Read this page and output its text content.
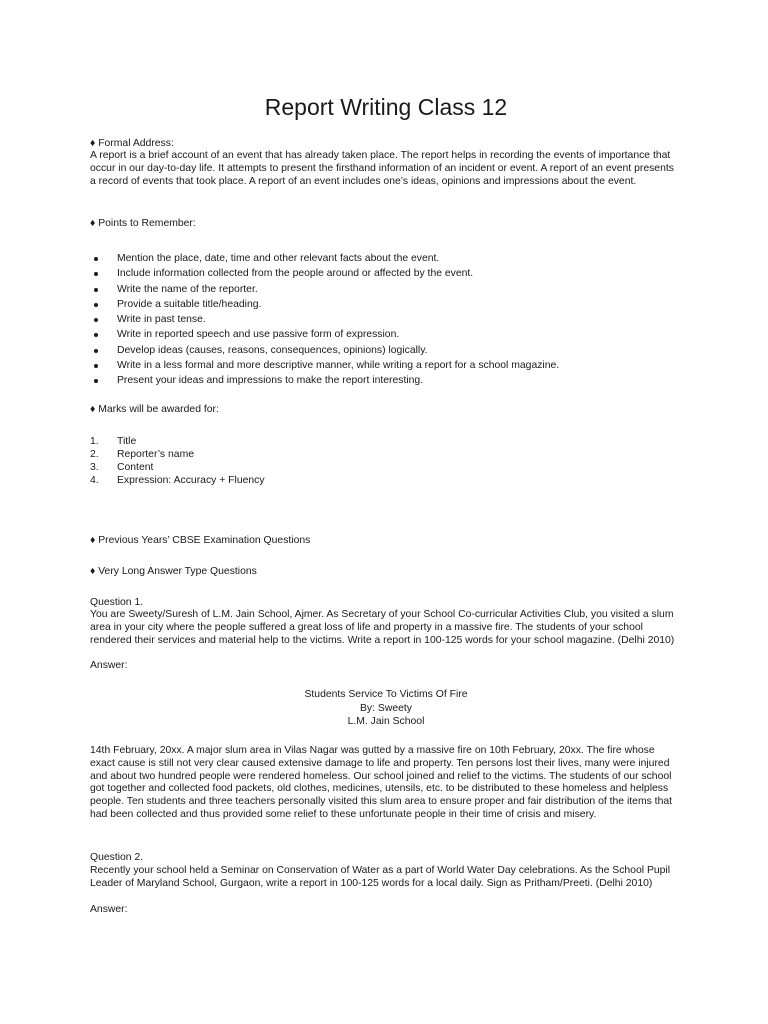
Report Writing Class 12
♦ Formal Address:

A report is a brief account of an event that has already taken place. The report helps in recording the events of importance that occur in our day-to-day life. It attempts to present the firsthand information of an incident or event. A report of an event presents a record of events that took place. A report of an event includes one’s ideas, opinions and impressions about the event.

♦ Points to Remember:
Mention the place, date, time and other relevant facts about the event.
Include information collected from the people around or affected by the event.
Write the name of the reporter.
Provide a suitable title/heading.
Write in past tense.
Write in reported speech and use passive form of expression.
Develop ideas (causes, reasons, consequences, opinions) logically.
Write in a less formal and more descriptive manner, while writing a report for a school magazine.
Present your ideas and impressions to make the report interesting.
♦ Marks will be awarded for:
1. Title
2. Reporter’s name
3. Content
4. Expression: Accuracy + Fluency
♦ Previous Years’ CBSE Examination Questions
♦ Very Long Answer Type Questions
Question 1.

You are Sweety/Suresh of L.M. Jain School, Ajmer. As Secretary of your School Co-curricular Activities Club, you visited a slum area in your city where the people suffered a great loss of life and property in a massive fire. The students of your school rendered their services and material help to the victims. Write a report in 100-125 words for your school magazine. (Delhi 2010)

Answer:
Students Service To Victims Of Fire
By: Sweety
L.M. Jain School

14th February, 20xx. A major slum area in Vilas Nagar was gutted by a massive fire on 10th February, 20xx. The fire whose exact cause is still not very clear caused extensive damage to life and property. Ten persons lost their lives, many were injured and about two hundred people were rendered homeless. Our school joined and relief to the victims. The students of our school got together and collected food packets, old clothes, medicines, utensils, etc. to be distributed to these homeless and helpless people. Ten students and three teachers personally visited this slum area to ensure proper and fair distribution of the items that had been collected and thus provided some relief to these unfortunate people in their time of crisis and misery.

Question 2.

Recently your school held a Seminar on Conservation of Water as a part of World Water Day celebrations. As the School Pupil Leader of Maryland School, Gurgaon, write a report in 100-125 words for a local daily. Sign as Pritham/Preeti. (Delhi 2010)

Answer:
